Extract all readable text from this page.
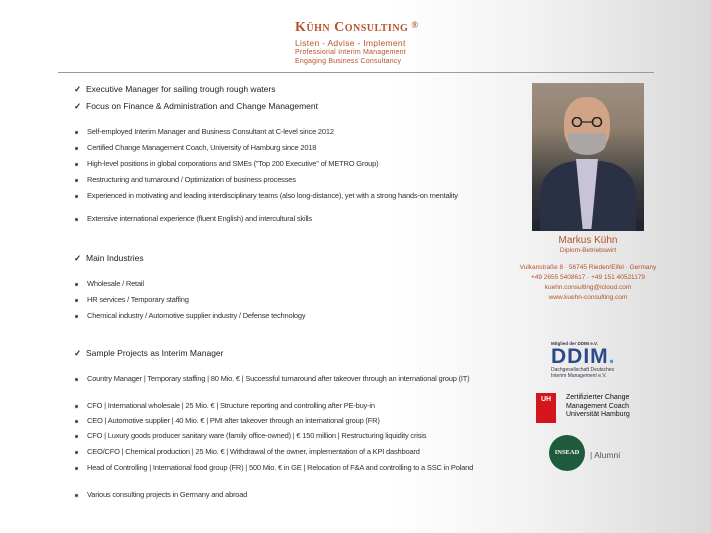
Kühn Consulting ®
Listen - Advise - Implement
Professional Interim Management
Engaging Business Consultancy
✓ Executive Manager for sailing trough rough waters
✓ Focus on Finance & Administration and Change Management
Self-employed Interim Manager and Business Consultant at C-level since 2012
Certified Change Management Coach, University of Hamburg since 2018
High-level positions in global corporations and SMEs ("Top 200 Executive" of METRO Group)
Restructuring and turnaround / Optimization of business processes
Experienced in motivating and leading interdisciplinary teams (also long-distance), yet with a strong hands-on mentality
Extensive international experience (fluent English) and intercultural skills
✓ Main Industries
Wholesale / Retail
HR services / Temporary staffing
Chemical industry / Automotive supplier industry / Defense technology
✓ Sample Projects as Interim Manager
Country Manager | Temporary staffing | 80 Mio. € | Successful turnaround after takeover through an international group (IT)
CFO | International wholesale | 25 Mio. € | Structure reporting and controlling after PE-buy-in
CEO | Automotive supplier | 40 Mio. € | PMI after takeover through an international group (FR)
CFO | Luxury goods producer sanitary ware (family office-owned) | € 150 million | Restructuring liquidity crisis
CEO/CFO | Chemical production | 25 Mio. € | Withdrawal of the owner, implementation of a KPI dashboard
Head of Controlling | International food group (FR) | 500 Mio. € in GE | Relocation of F&A and controlling to a SSC in Poland
Various consulting projects in Germany and abroad
Markus Kühn
Diplom-Betriebswirt
Vulkanstraße 8 · 56745 Rieden/Eifel · Germany
+49 2655 5408617 · +49 151 40521179
kuehn.consulting@icloud.com
www.kuehn-consulting.com
Mitglied der DDIM e.V.
DDIM.
Dachgesellschaft Deutsches
Interim Management e.V.
UH	Zertifizierter Change
Management Coach
Universität Hamburg
INSEAD	| Alumni
